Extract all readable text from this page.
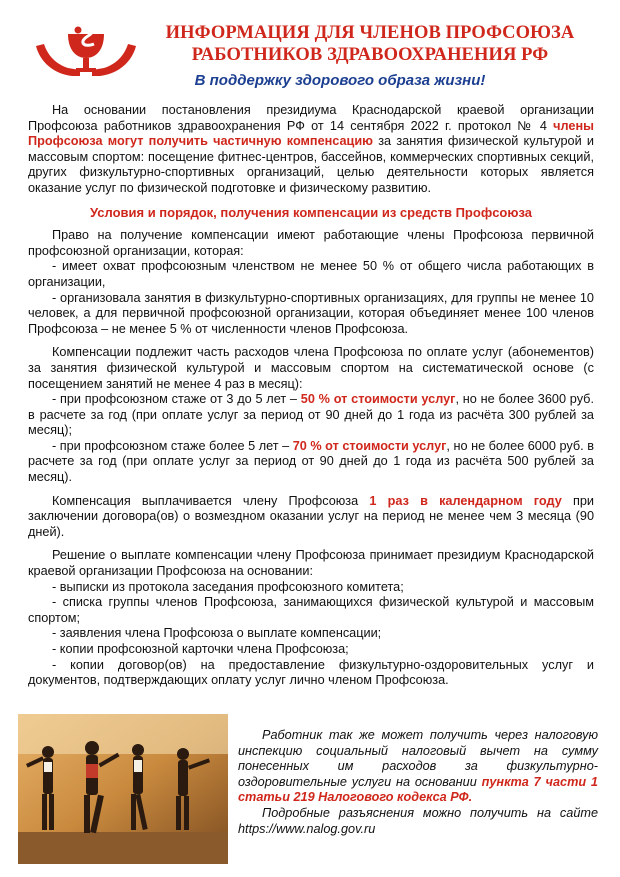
ИНФОРМАЦИЯ ДЛЯ ЧЛЕНОВ ПРОФСОЮЗА
РАБОТНИКОВ ЗДРАВООХРАНЕНИЯ РФ
В поддержку здорового образа жизни!

На основании постановления президиума Краснодарской краевой организации Профсоюза работников здравоохранения РФ от 14 сентября 2022 г. протокол № 4 члены Профсоюза могут получить частичную компенсацию за занятия физической культурой и массовым спортом: посещение фитнес-центров, бассейнов, коммерческих спортивных секций, других физкультурно-спортивных организаций, целью деятельности которых является оказание услуг по физической подготовке и физическому развитию.

Условия и порядок, получения компенсации из средств Профсоюза

Право на получение компенсации имеют работающие члены Профсоюза первичной профсоюзной организации, которая:

- имеет охват профсоюзным членством не менее 50 % от общего числа работающих в организации,

- организовала занятия в физкультурно-спортивных организациях, для группы не менее 10 человек, а для первичной профсоюзной организации, которая объединяет менее 100 членов Профсоюза – не менее 5 % от численности членов Профсоюза.

Компенсации подлежит часть расходов члена Профсоюза по оплате услуг (абонементов) за занятия физической культурой и массовым спортом на систематической основе (с посещением занятий не менее 4 раз в месяц):

- при профсоюзном стаже от 3 до 5 лет – 50 % от стоимости услуг, но не более 3600 руб. в расчете за год (при оплате услуг за период от 90 дней до 1 года из расчёта 300 рублей за месяц);

- при профсоюзном стаже более 5 лет – 70 % от стоимости услуг, но не более 6000 руб. в расчете за год (при оплате услуг за период от 90 дней до 1 года из расчёта 500 рублей за месяц).

Компенсация выплачивается члену Профсоюза 1 раз в календарном году при заключении договора(ов) о возмездном оказании услуг на период не менее чем 3 месяца (90 дней).

Решение о выплате компенсации члену Профсоюза принимает президиум Краснодарской краевой организации Профсоюза на основании:

- выписки из протокола заседания профсоюзного комитета;

- списка группы членов Профсоюза, занимающихся физической культурой и массовым спортом;

- заявления члена Профсоюза о выплате компенсации;

- копии профсоюзной карточки члена Профсоюза;

- копии договор(ов) на предоставление физкультурно-оздоровительных услуг и документов, подтверждающих оплату услуг лично членом Профсоюза.

Работник так же может получить через налоговую инспекцию социальный налоговый вычет на сумму понесенных им расходов за физкультурно-оздоровительные услуги на основании пункта 7 части 1 статьи 219 Налогового кодекса РФ.

Подробные разъяснения можно получить на сайте https://www.nalog.gov.ru
